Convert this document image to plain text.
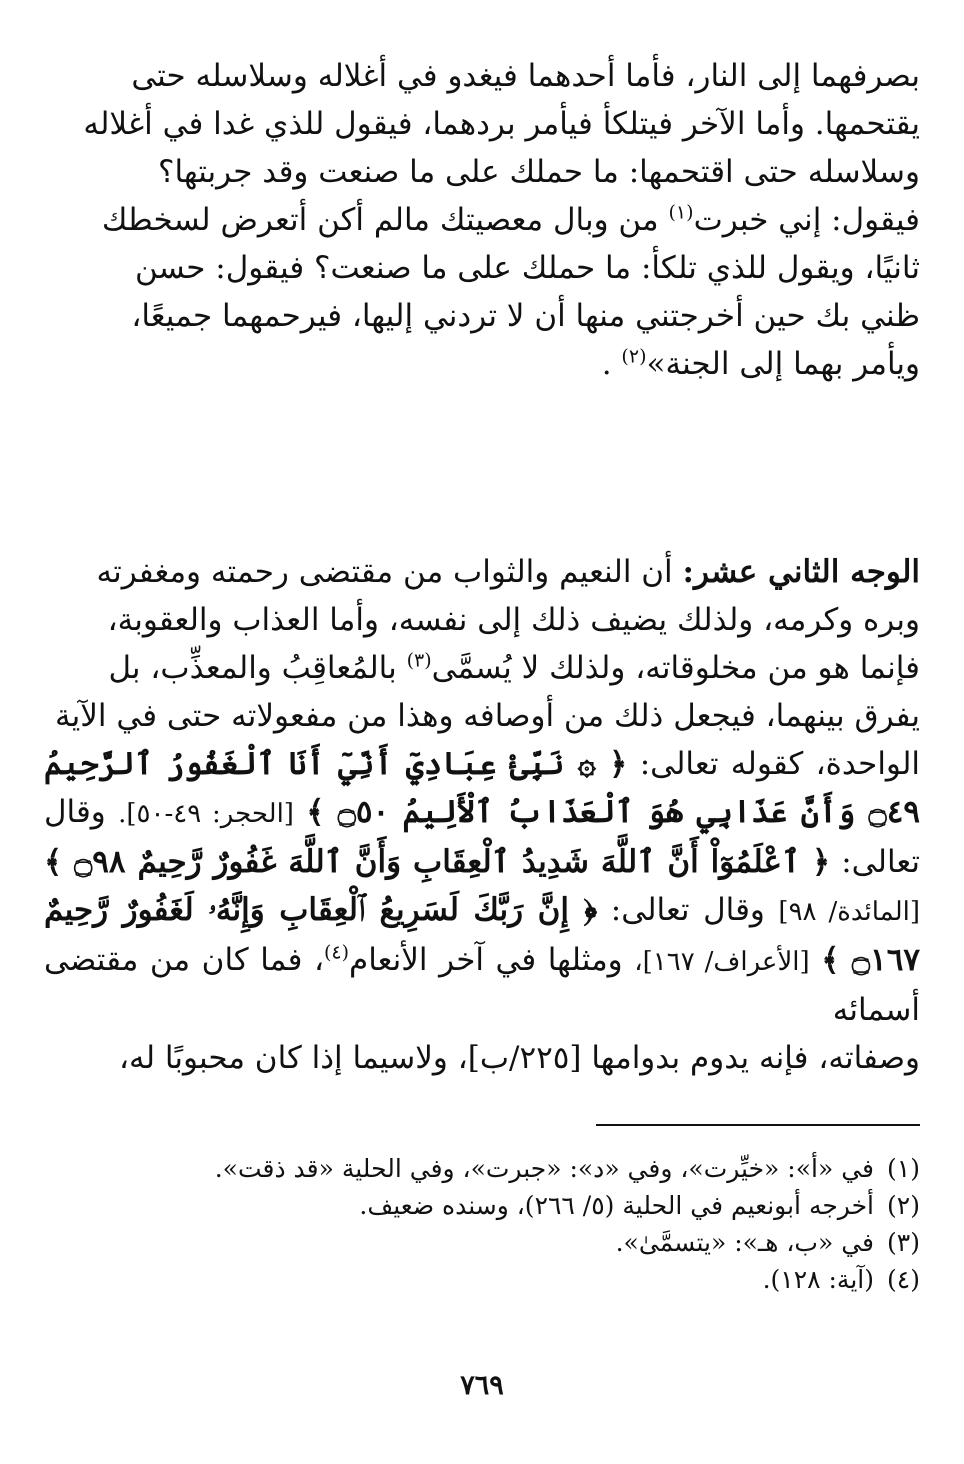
بصرفهما إلى النار، فأما أحدهما فيغدو في أغلاله وسلاسله حتى

يقتحمها. وأما الآخر فيتلكأ فيأمر بردهما، فيقول للذي غدا في أغلاله

وسلاسله حتى اقتحمها: ما حملك على ما صنعت وقد جربتها؟

فيقول: إني خبرت$^{(١)}$ من وبال معصيتك مالم أكن أتعرض لسخطك

ثانيًا، ويقول للذي تلكأ: ما حملك على ما صنعت؟ فيقول: حسن

ظني بك حين أخرجتني منها أن لا تردني إليها، فيرحمهما جميعًا،

ويأمر بهما إلى الجنة»$^{(٢)}$ .

الوجه الثاني عشر: أن النعيم والثواب من مقتضى رحمته ومغفرته

وبره وكرمه، ولذلك يضيف ذلك إلى نفسه، وأما العذاب والعقوبة،

فإنما هو من مخلوقاته، ولذلك لا يُسمَّى$^{(٣)}$ بالمُعاقِبُ والمعذِّب، بل

يفرق بينهما، فيجعل ذلك من أوصافه وهذا من مفعولاته حتى في الآية

الواحدة، كقوله تعالى: ﴿ ۞ نَبِّئْ عِبَادِيٓ أَنِّيٓ أَنَا ٱلْغَفُورُ ٱلرَّحِيمُ ۝٤٩ وَأَنَّ عَذَابِي هُوَ ٱلْعَذَابُ ٱلْأَلِيمُ ۝٥٠ ﴾ [الحجر: ٤٩-٥٠]. وقال تعالى: ﴿ ٱعْلَمُوٓاْ أَنَّ ٱللَّهَ شَدِيدُ ٱلْعِقَابِ وَأَنَّ ٱللَّهَ غَفُورٌ رَّحِيمٌ ۝٩٨ ﴾ [المائدة/ ٩٨] وقال تعالى: ﴿ إِنَّ رَبَّكَ لَسَرِيعُ ٱلْعِقَابِ وَإِنَّهُۥ لَغَفُورٌ رَّحِيمٌ ۝١٦٧ ﴾ [الأعراف/ ١٦٧]، ومثلها في آخر الأنعام$^{(٤)}$، فما كان من مقتضى أسمائه

وصفاته، فإنه يدوم بدوامها [٢٢٥/ب]، ولاسيما إذا كان محبوبًا له،

(١)
في «أ»: «خيِّرت»، وفي «د»: «جبرت»، وفي الحلية «قد ذقت».
(٢)
أخرجه أبونعيم في الحلية (٥/ ٢٦٦)، وسنده ضعيف.
(٣)
في «ب، هـ»: «يتسمَّىٰ».
(٤)
(آية: ١٢٨).
٧٦٩
